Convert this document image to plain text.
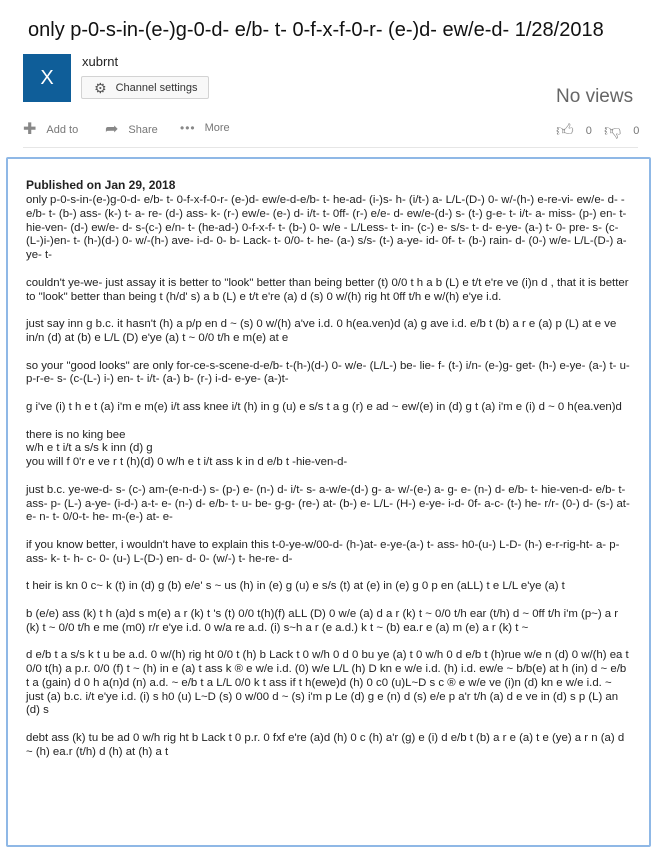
only p-0-s-in-(e-)g-0-d- e/b- t- 0-f-x-f-0-r- (e-)d- ew/e-d- 1/28/2018
X
xubrnt
⚙ Channel settings	No views
✚ Add to ➦ Share ••• More	👍︎ 0 👎︎ 0
Published on Jan 29, 2018
only p-0-s-in-(e-)g-0-d- e/b- t- 0-f-x-f-0-r- (e-)d- ew/e-d-e/b- t- he-ad- (i-)s- h- (i/t-) a- L/L-(D-) 0- w/-(h-) e-re-vi- ew/e- d- - e/b- t- (b-) ass- (k-) t- a- re- (d-) ass- k- (r-) ew/e- (e-) d- i/t- t- 0ff- (r-) e/e- d- ew/e-(d-) s- (t-) g-e- t- i/t- a- miss- (p-) en- t- hie-ven- (d-) ew/e- d- s-(c-) e/n- t- (he-ad-) 0-f-x-f- t- (b-) 0- w/e - L/Less- t- in- (c-) e- s/s- t- d- e-ye- (a-) t- 0- pre- s- (c-(L-)i-)en- t- (h-)(d-) 0- w/-(h-) ave- i-d- 0- b- Lack- t- 0/0- t- he- (a-) s/s- (t-) a-ye- id- 0f- t- (b-) rain- d- (0-) w/e- L/L-(D-) a-ye- t-

couldn't ye-we- just assay it is better to "look" better than being better (t) 0/0 t h a b (L) e t/t e're ve (i)n d , that it is better to "look" better than being t (h/d' s) a b (L) e t/t e're (a) d (s) 0 w/(h) rig ht 0ff t/h e w/(h) e'ye i.d.

just say inn g b.c. it hasn't (h) a p/p en d ~ (s) 0 w/(h) a've i.d. 0 h(ea.ven)d (a) g ave i.d. e/b t (b) a r e (a) p (L) at e ve in/n (d) at (b) e L/L (D) e'ye (a) t ~ 0/0 t/h e m(e) at e

so your "good looks" are only for-ce-s-scene-d-e/b- t-(h-)(d-) 0- w/e- (L/L-) be- lie- f- (t-) i/n- (e-)g- get- (h-) e-ye- (a-) t- u- p-r-e- s- (c-(L-) i-) en- t- i/t- (a-) b- (r-) i-d- e-ye- (a-)t-

g i've (i) t h e t (a) i'm e m(e) i/t ass knee i/t (h) in g (u) e s/s t a g (r) e ad ~ ew/(e) in (d) g t (a) i'm e (i) d ~ 0 h(ea.ven)d

there is no king bee
w/h e t i/t a s/s k inn (d) g
you will f 0'r e ve r t (h)(d) 0 w/h e t i/t ass k in d e/b t -hie-ven-d-

just b.c. ye-we-d- s- (c-) am-(e-n-d-) s- (p-) e- (n-) d- i/t- s- a-w/e-(d-) g- a- w/-(e-) a- g- e- (n-) d- e/b- t- hie-ven-d- e/b- t- ass- p- (L-) a-ye- (i-d-) a-t- e- (n-) d- e/b- t- u- be- g-g- (re-) at- (b-) e- L/L- (H-) e-ye- i-d- 0f- a-c- (t-) he- r/r- (0-) d- (s-) at- e- n- t- 0/0-t- he- m-(e-) at- e-

if you know better, i wouldn't have to explain this t-0-ye-w/00-d- (h-)at- e-ye-(a-) t- ass- h0-(u-) L-D- (h-) e-r-rig-ht- a- p-ass- k- t- h- c- 0- (u-) L-(D-) en- d- 0- (w/-) t- he-re- d-

t heir is kn 0 c~ k (t) in (d) g (b) e/e' s ~ us (h) in (e) g (u) e s/s (t) at (e) in (e) g 0 p en (aLL) t e L/L e'ye (a) t

b (e/e) ass (k) t h (a)d s m(e) a r (k) t 's (t) 0/0 t(h)(f) aLL (D) 0 w/e (a) d a r (k) t ~ 0/0 t/h ear (t/h) d ~ 0ff t/h i'm (p~) a r (k) t ~ 0/0 t/h e me (m0) r/r e'ye i.d. 0 w/a re a.d. (i) s~h a r (e a.d.) k t ~ (b) ea.r e (a) m (e) a r (k) t ~

d e/b t a s/s k t u be a.d. 0 w/(h) rig ht 0/0 t (h) b Lack t 0 w/h 0 d 0 bu ye (a) t 0 w/h 0 d e/b t (h)rue w/e n (d) 0 w/(h) ea t 0/0 t(h) a p.r. 0/0 (f) t ~ (h) in e (a) t ass k ® e w/e i.d. (0) w/e L/L (h) D kn e w/e i.d. (h) i.d. ew/e ~ b/b(e) at h (in) d ~ e/b t a (gain) d 0 h a(n)d (n) a.d. ~ e/b t a L/L 0/0 k t ass if t h(ewe)d (h) 0 c0 (u)L~D s c ® e w/e ve (i)n (d) kn e w/e i.d. ~ just (a) b.c. i/t e'ye i.d. (i) s h0 (u) L~D (s) 0 w/00 d ~ (s) i'm p Le (d) g e (n) d (s) e/e p a'r t/h (a) d e ve in (d) s p (L) an (d) s

debt ass (k) tu be ad 0 w/h rig ht b Lack t 0 p.r. 0 fxf e're (a)d (h) 0 c (h) a'r (g) e (i) d e/b t (b) a r e (a) t e (ye) a r n (a) d ~ (h) ea.r (t/h) d (h) at (h) a t
